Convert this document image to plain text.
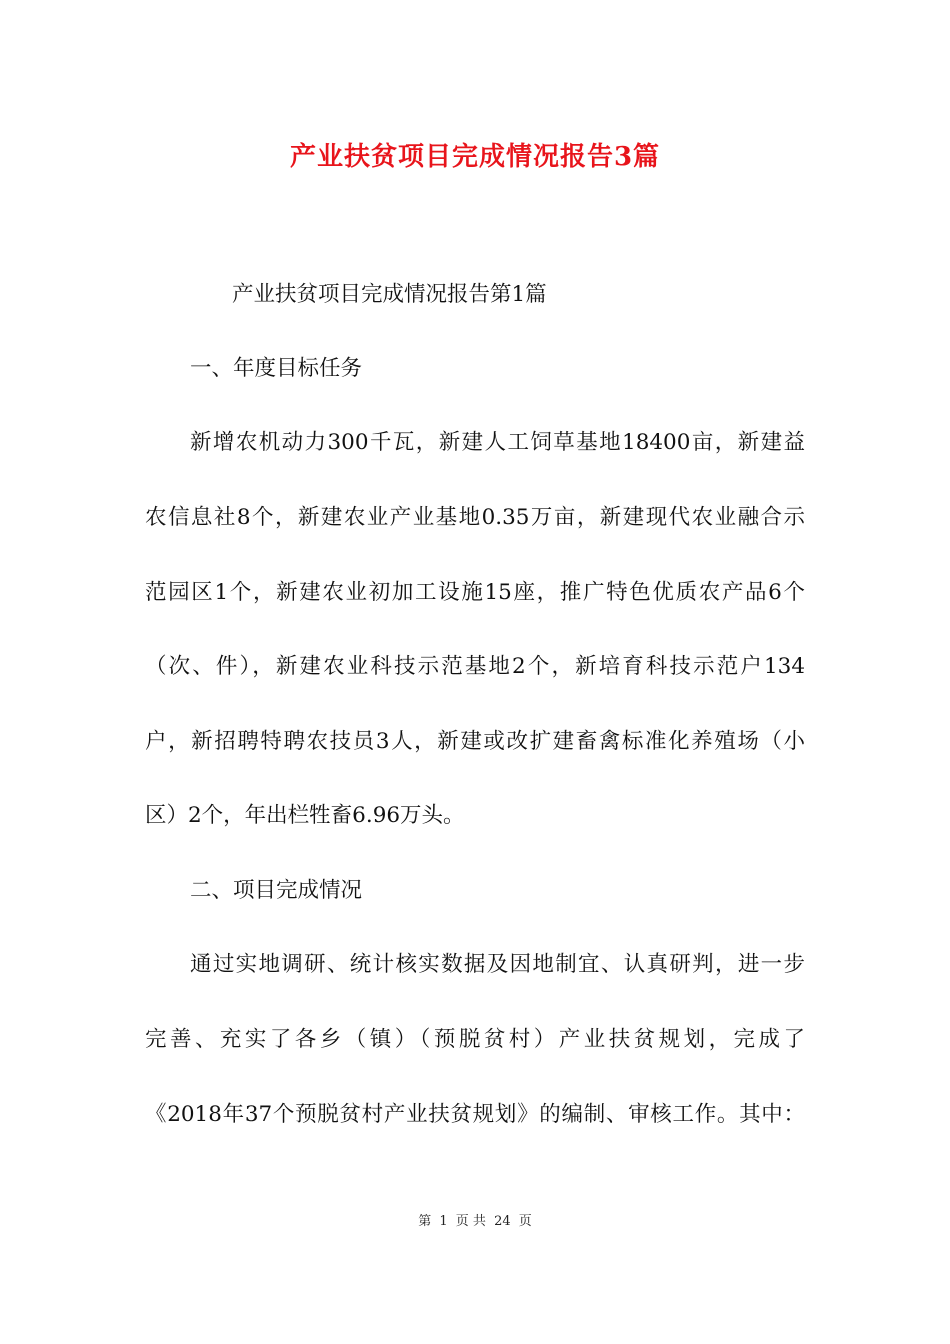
产业扶贫项目完成情况报告3篇
产业扶贫项目完成情况报告第1篇
一、年度目标任务
新增农机动力300千瓦，新建人工饲草基地18400亩，新建益
农信息社8个，新建农业产业基地0.35万亩，新建现代农业融合示
范园区1个，新建农业初加工设施15座，推广特色优质农产品6个
（次、件），新建农业科技示范基地2个，新培育科技示范户134
户，新招聘特聘农技员3人，新建或改扩建畜禽标准化养殖场（小
区）2个，年出栏牲畜6.96万头。
二、项目完成情况
通过实地调研、统计核实数据及因地制宜、认真研判，进一步
完善、充实了各乡（镇）（预脱贫村）产业扶贫规划，完成了
《2018年37个预脱贫村产业扶贫规划》的编制、审核工作。其中：
第 1 页 共 24 页
